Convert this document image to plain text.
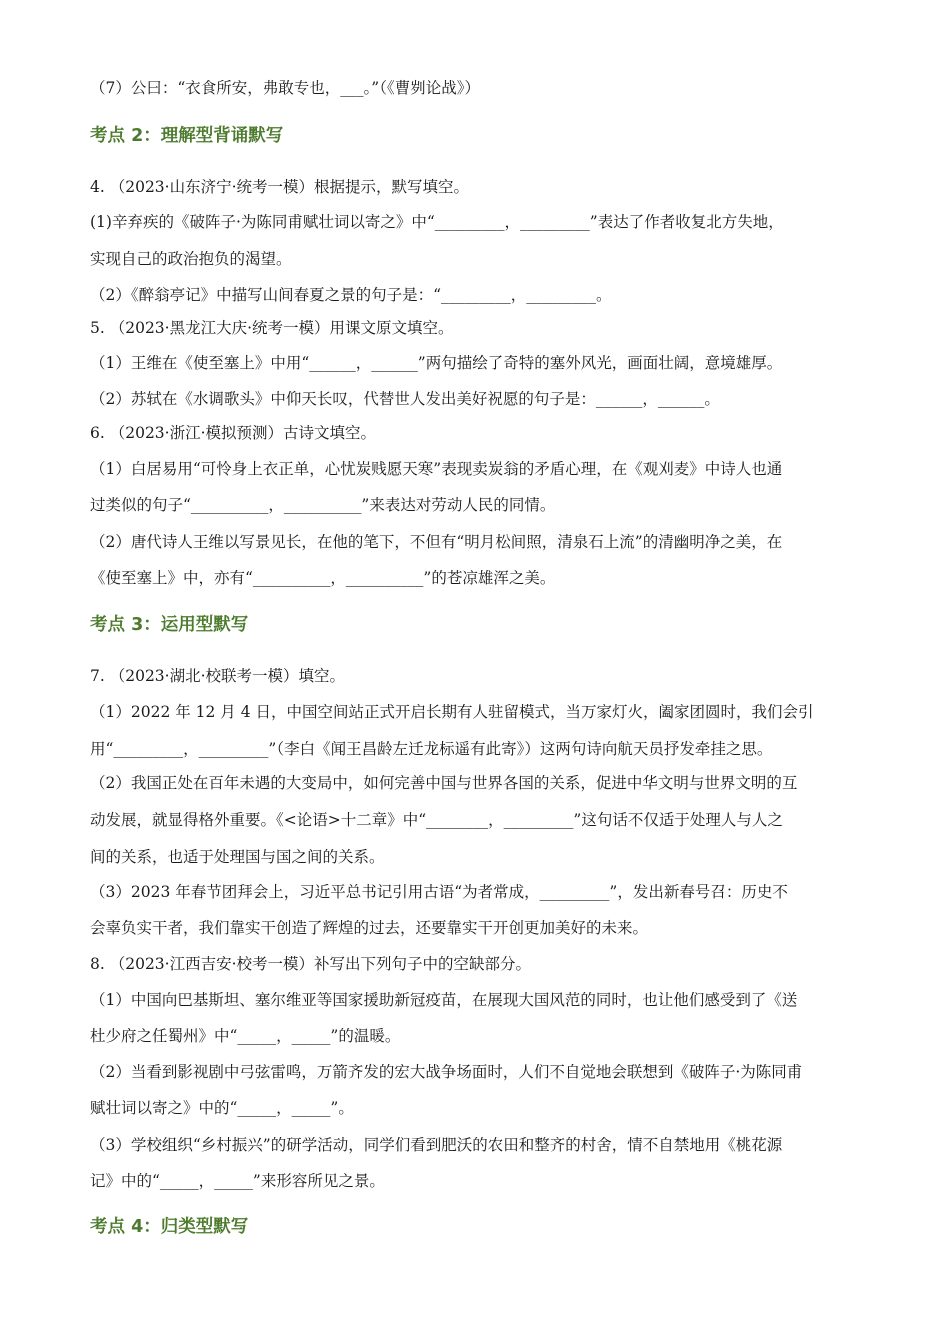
（7）公曰：“衣食所安，弗敢专也，___。”（《曹刿论战》）
考点 2：理解型背诵默写
4. （2023·山东济宁·统考一模）根据提示，默写填空。
(1)辛弃疾的《破阵子·为陈同甫赋壮词以寄之》中“_________，_________”表达了作者收复北方失地，
实现自己的政治抱负的渴望。
（2）《醉翁亭记》中描写山间春夏之景的句子是：“_________，_________。
5. （2023·黑龙江大庆·统考一模）用课文原文填空。
（1）王维在《使至塞上》中用“______，______”两句描绘了奇特的塞外风光，画面壮阔，意境雄厚。
（2）苏轼在《水调歌头》中仰天长叹，代替世人发出美好祝愿的句子是：______，______。
6. （2023·浙江·模拟预测）古诗文填空。
（1）白居易用“可怜身上衣正单，心忧炭贱愿天寒”表现卖炭翁的矛盾心理，在《观刈麦》中诗人也通
过类似的句子“__________，__________”来表达对劳动人民的同情。
（2）唐代诗人王维以写景见长，在他的笔下，不但有“明月松间照，清泉石上流”的清幽明净之美，在
《使至塞上》中，亦有“__________，__________”的苍凉雄浑之美。
考点 3：运用型默写
7. （2023·湖北·校联考一模）填空。
（1）2022 年 12 月 4 日，中国空间站正式开启长期有人驻留模式，当万家灯火，阖家团圆时，我们会引
用“_________，_________”（李白《闻王昌龄左迁龙标遥有此寄》）这两句诗向航天员抒发牵挂之思。
（2）我国正处在百年未遇的大变局中，如何完善中国与世界各国的关系，促进中华文明与世界文明的互
动发展，就显得格外重要。《<论语>十二章》中“________，_________”这句话不仅适于处理人与人之
间的关系，也适于处理国与国之间的关系。
（3）2023 年春节团拜会上，习近平总书记引用古语“为者常成，_________”，发出新春号召：历史不
会辜负实干者，我们靠实干创造了辉煌的过去，还要靠实干开创更加美好的未来。
8. （2023·江西吉安·校考一模）补写出下列句子中的空缺部分。
（1）中国向巴基斯坦、塞尔维亚等国家援助新冠疫苗，在展现大国风范的同时，也让他们感受到了《送
杜少府之任蜀州》中“_____，_____”的温暖。
（2）当看到影视剧中弓弦雷鸣，万箭齐发的宏大战争场面时，人们不自觉地会联想到《破阵子·为陈同甫
赋壮词以寄之》中的“_____，_____”。
（3）学校组织“乡村振兴”的研学活动，同学们看到肥沃的农田和整齐的村舍，情不自禁地用《桃花源
记》中的“_____，_____”来形容所见之景。
考点 4：归类型默写
